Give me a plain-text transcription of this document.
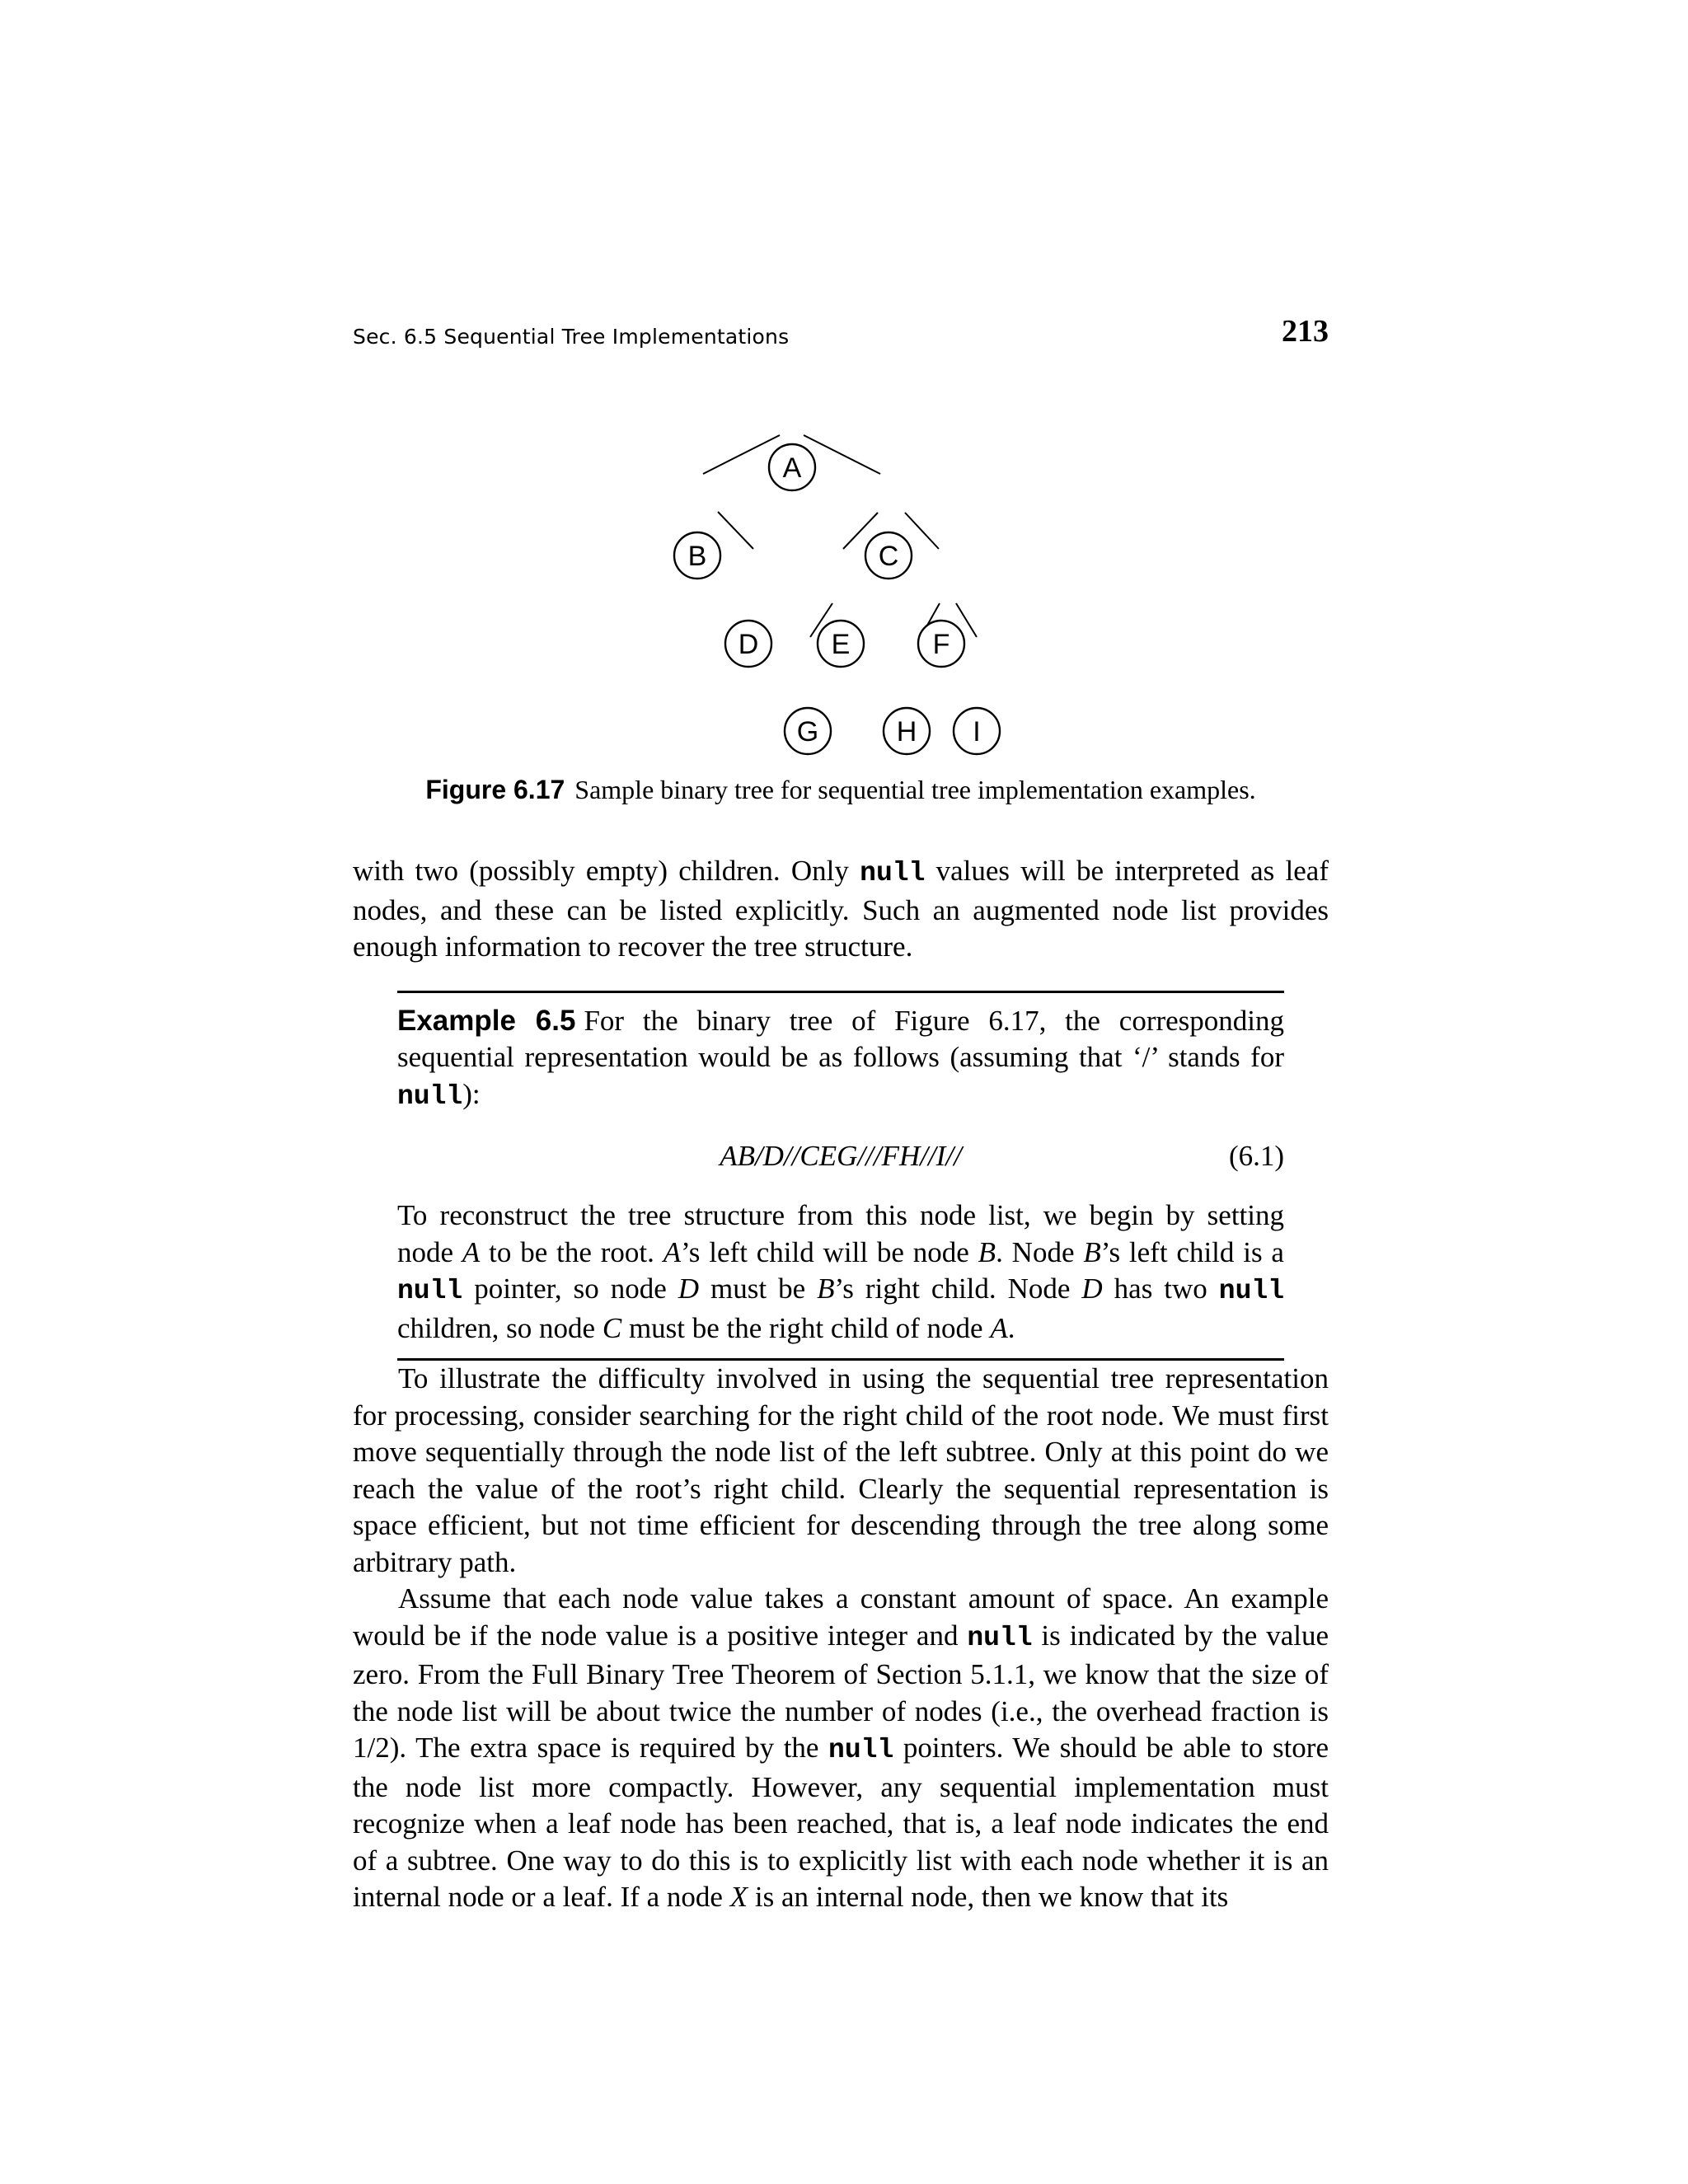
Sec. 6.5 Sequential Tree Implementations	213
A
B	C
D	E	F
G	H I
Figure 6.17 Sample binary tree for sequential tree implementation examples.

with two (possibly empty) children. Only null values will be interpreted as leaf nodes, and these can be listed explicitly. Such an augmented node list provides enough information to recover the tree structure.

Example 6.5 For the binary tree of Figure 6.17, the corresponding sequential representation would be as follows (assuming that ‘/’ stands for null):

AB/D//CEG///FH//I//	(6.1)

To reconstruct the tree structure from this node list, we begin by setting node A to be the root. A’s left child will be node B. Node B’s left child is a null pointer, so node D must be B’s right child. Node D has two null children, so node C must be the right child of node A.

To illustrate the difficulty involved in using the sequential tree representation for processing, consider searching for the right child of the root node. We must first move sequentially through the node list of the left subtree. Only at this point do we reach the value of the root’s right child. Clearly the sequential representation is space efficient, but not time efficient for descending through the tree along some arbitrary path.

Assume that each node value takes a constant amount of space. An example would be if the node value is a positive integer and null is indicated by the value zero. From the Full Binary Tree Theorem of Section 5.1.1, we know that the size of the node list will be about twice the number of nodes (i.e., the overhead fraction is 1/2). The extra space is required by the null pointers. We should be able to store the node list more compactly. However, any sequential implementation must recognize when a leaf node has been reached, that is, a leaf node indicates the end of a subtree. One way to do this is to explicitly list with each node whether it is an internal node or a leaf. If a node X is an internal node, then we know that its
